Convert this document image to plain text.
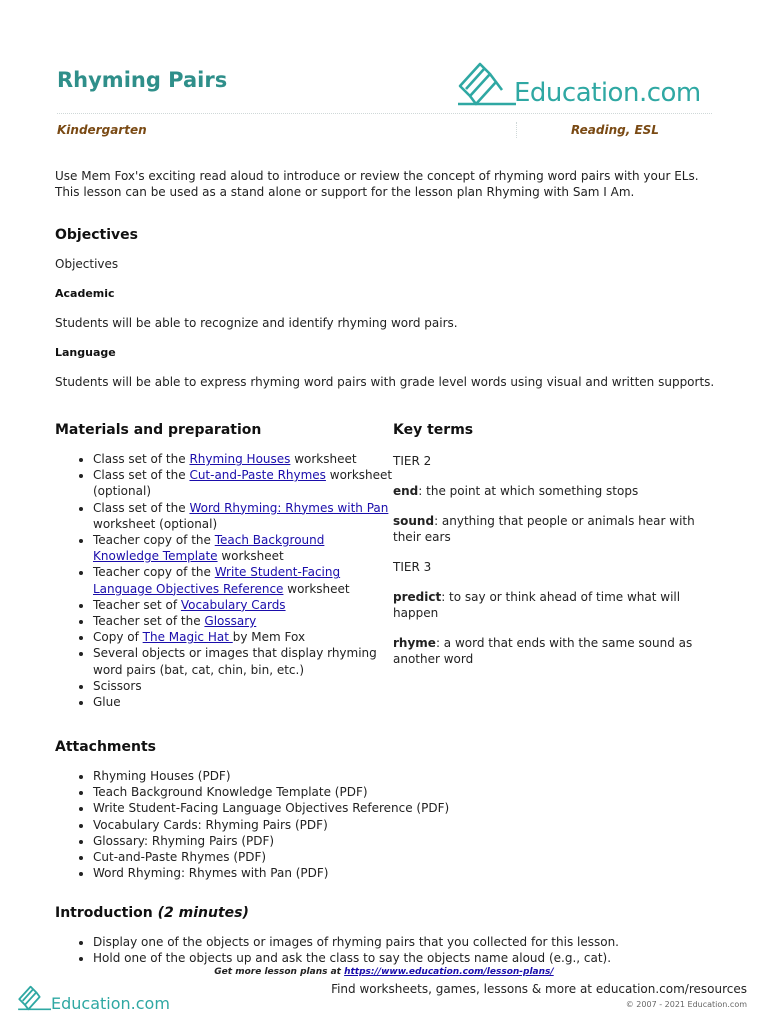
Rhyming Pairs	Education.com
Kindergarten	Reading, ESL
Use Mem Fox's exciting read aloud to introduce or review the concept of rhyming word pairs with your ELs. This lesson can be used as a stand alone or support for the lesson plan Rhyming with Sam I Am.
Objectives
Objectives
Academic
Students will be able to recognize and identify rhyming word pairs.
Language
Students will be able to express rhyming word pairs with grade level words using visual and written supports.
Materials and preparation
• Class set of the Rhyming Houses worksheet
• Class set of the Cut-and-Paste Rhymes worksheet (optional)
• Class set of the Word Rhyming: Rhymes with Pan worksheet (optional)
• Teacher copy of the Teach Background Knowledge Template worksheet
• Teacher copy of the Write Student-Facing Language Objectives Reference worksheet
• Teacher set of Vocabulary Cards
• Teacher set of the Glossary
• Copy of The Magic Hat by Mem Fox
• Several objects or images that display rhyming word pairs (bat, cat, chin, bin, etc.)
• Scissors
• Glue
Key terms

TIER 2

end: the point at which something stops

sound: anything that people or animals hear with their ears

TIER 3

predict: to say or think ahead of time what will happen

rhyme: a word that ends with the same sound as another word

Attachments
• Rhyming Houses (PDF)
• Teach Background Knowledge Template (PDF)
• Write Student-Facing Language Objectives Reference (PDF)
• Vocabulary Cards: Rhyming Pairs (PDF)
• Glossary: Rhyming Pairs (PDF)
• Cut-and-Paste Rhymes (PDF)
• Word Rhyming: Rhymes with Pan (PDF)
Introduction (2 minutes)
• Display one of the objects or images of rhyming pairs that you collected for this lesson.
• Hold one of the objects up and ask the class to say the objects name aloud (e.g., cat).
Get more lesson plans at https://www.education.com/lesson-plans/
Education.com
Find worksheets, games, lessons & more at education.com/resources
© 2007 - 2021 Education.com
